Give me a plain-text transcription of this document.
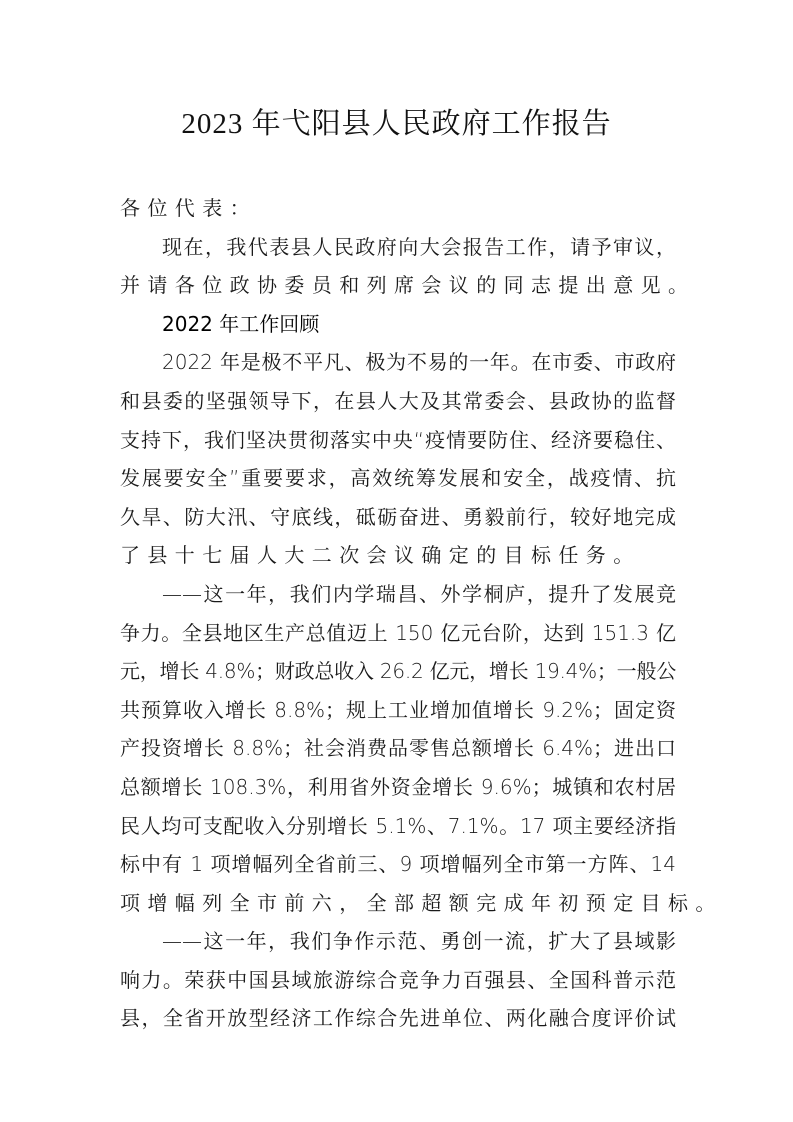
2023 年弋阳县人民政府工作报告
各位代表：
现在，我代表县人民政府向大会报告工作，请予审议，
并请各位政协委员和列席会议的同志提出意见。
2022 年工作回顾
2022 年是极不平凡、极为不易的一年。在市委、市政府
和县委的坚强领导下，在县人大及其常委会、县政协的监督
支持下，我们坚决贯彻落实中央“疫情要防住、经济要稳住、
发展要安全”重要要求，高效统筹发展和安全，战疫情、抗
久旱、防大汛、守底线，砥砺奋进、勇毅前行，较好地完成
了县十七届人大二次会议确定的目标任务。
——这一年，我们内学瑞昌、外学桐庐，提升了发展竞
争力。全县地区生产总值迈上 150 亿元台阶，达到 151.3 亿
元，增长 4.8%；财政总收入 26.2 亿元，增长 19.4%；一般公
共预算收入增长 8.8%；规上工业增加值增长 9.2%；固定资
产投资增长 8.8%；社会消费品零售总额增长 6.4%；进出口
总额增长 108.3%，利用省外资金增长 9.6%；城镇和农村居
民人均可支配收入分别增长 5.1%、7.1%。17 项主要经济指
标中有 1 项增幅列全省前三、9 项增幅列全市第一方阵、14
项增幅列全市前六，全部超额完成年初预定目标。
——这一年，我们争作示范、勇创一流，扩大了县域影
响力。荣获中国县域旅游综合竞争力百强县、全国科普示范
县，全省开放型经济工作综合先进单位、两化融合度评价试
